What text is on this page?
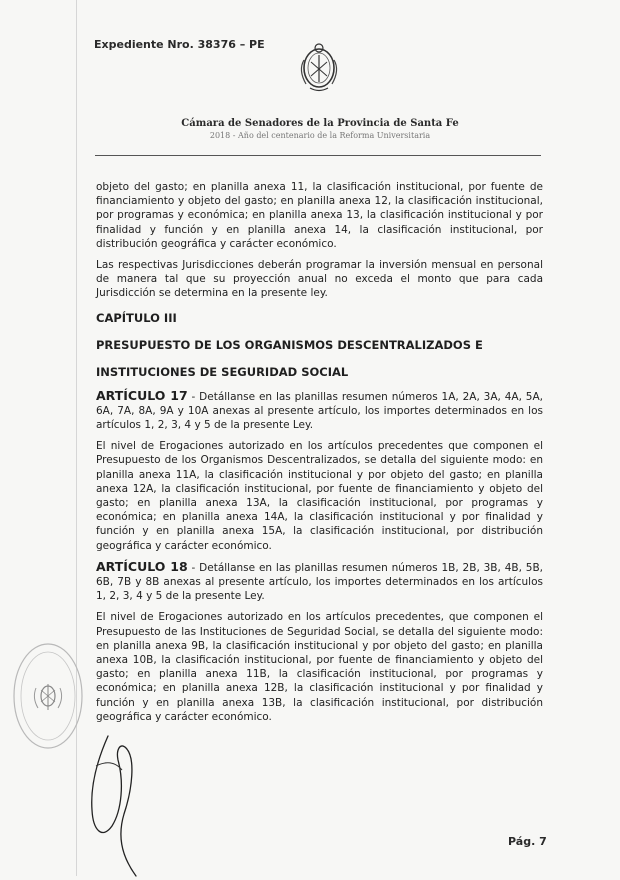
Expediente Nro. 38376 – PE
Cámara de Senadores de la Provincia de Santa Fe
2018 - Año del centenario de la Reforma Universitaria

objeto del gasto; en planilla anexa 11, la clasificación institucional, por fuente de financiamiento y objeto del gasto; en planilla anexa 12, la clasificación institucional, por programas y económica; en planilla anexa 13, la clasificación institucional y por finalidad y función y en planilla anexa 14, la clasificación institucional, por distribución geográfica y carácter económico.

Las respectivas Jurisdicciones deberán programar la inversión mensual en personal de manera tal que su proyección anual no exceda el monto que para cada Jurisdicción se determina en la presente ley.

CAPÍTULO III

PRESUPUESTO DE LOS ORGANISMOS DESCENTRALIZADOS E

INSTITUCIONES DE SEGURIDAD SOCIAL

ARTÍCULO 17 - Detállanse en las planillas resumen números 1A, 2A, 3A, 4A, 5A, 6A, 7A, 8A, 9A y 10A anexas al presente artículo, los importes determinados en los artículos 1, 2, 3, 4 y 5 de la presente Ley.

El nivel de Erogaciones autorizado en los artículos precedentes que componen el Presupuesto de los Organismos Descentralizados, se detalla del siguiente modo: en planilla anexa 11A, la clasificación institucional y por objeto del gasto; en planilla anexa 12A, la clasificación institucional, por fuente de financiamiento y objeto del gasto; en planilla anexa 13A, la clasificación institucional, por programas y económica; en planilla anexa 14A, la clasificación institucional y por finalidad y función y en planilla anexa 15A, la clasificación institucional, por distribución geográfica y carácter económico.

ARTÍCULO 18 - Detállanse en las planillas resumen números 1B, 2B, 3B, 4B, 5B, 6B, 7B y 8B anexas al presente artículo, los importes determinados en los artículos 1, 2, 3, 4 y 5 de la presente Ley.

El nivel de Erogaciones autorizado en los artículos precedentes, que componen el Presupuesto de las Instituciones de Seguridad Social, se detalla del siguiente modo: en planilla anexa 9B, la clasificación institucional y por objeto del gasto; en planilla anexa 10B, la clasificación institucional, por fuente de financiamiento y objeto del gasto; en planilla anexa 11B, la clasificación institucional, por programas y económica; en planilla anexa 12B, la clasificación institucional y por finalidad y función y en planilla anexa 13B, la clasificación institucional, por distribución geográfica y carácter económico.

Pág. 7
